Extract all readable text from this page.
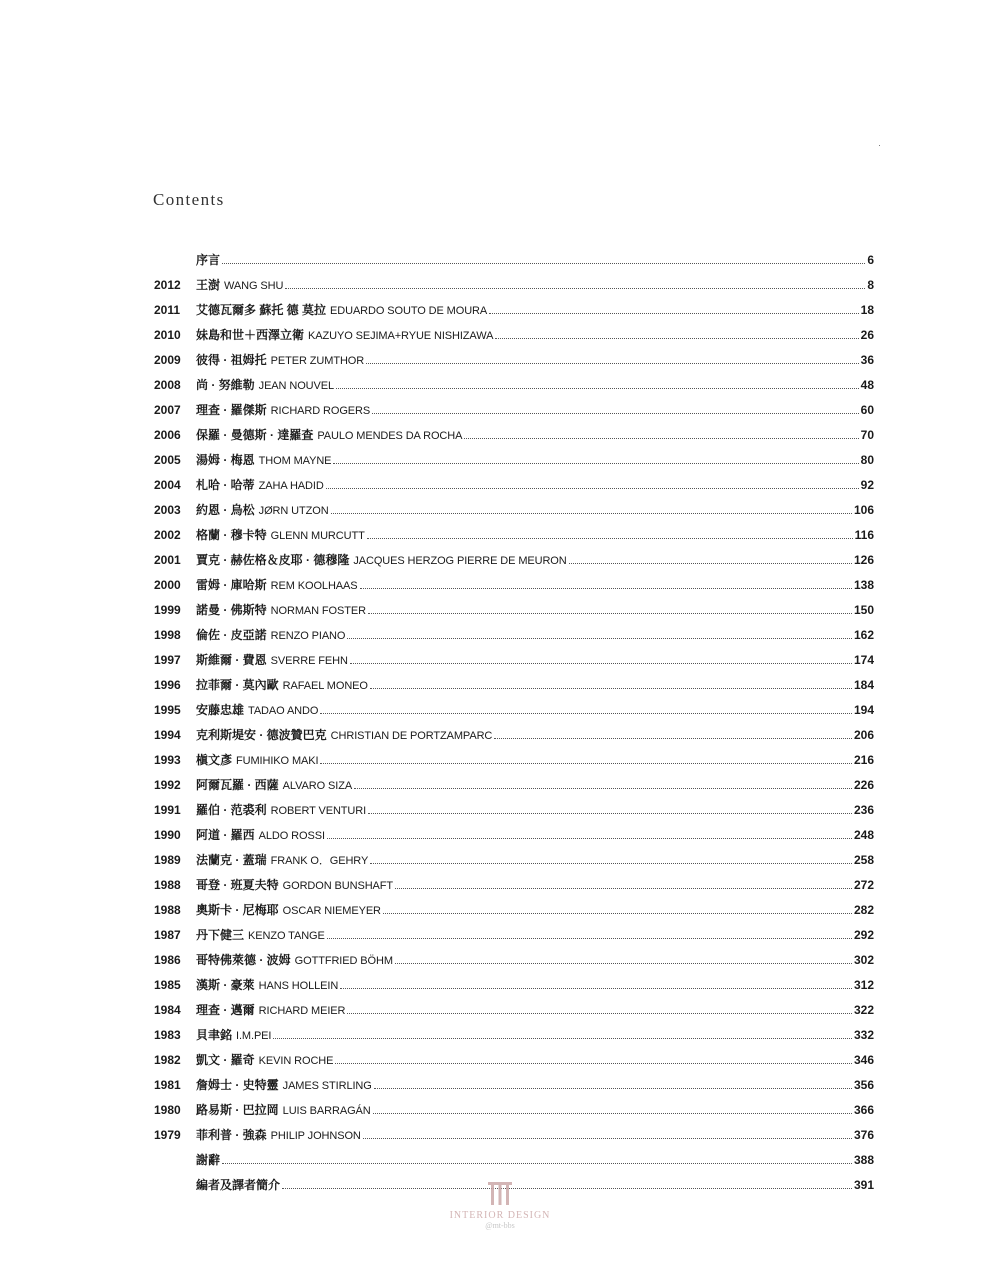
·
Contents
序言	6
2012	王澍 WANG SHU	8
2011	艾德瓦爾多 蘇托 德 莫拉 EDUARDO SOUTO DE MOURA	18
2010	妹島和世＋西澤立衛 KAZUYO SEJIMA+RYUE NISHIZAWA	26
2009	彼得 · 祖姆托 PETER ZUMTHOR	36
2008	尚 · 努維勒 JEAN NOUVEL	48
2007	理查 · 羅傑斯 RICHARD ROGERS	60
2006	保羅 · 曼德斯 · 達羅查 PAULO MENDES DA ROCHA	70
2005	湯姆 · 梅恩 THOM MAYNE	80
2004	札哈 · 哈蒂 ZAHA HADID	92
2003	約恩 · 烏松 JØRN UTZON	106
2002	格蘭 · 穆卡特 GLENN MURCUTT	116
2001	賈克 · 赫佐格＆皮耶 · 德穆隆 JACQUES HERZOG PIERRE DE MEURON	126
2000	雷姆 · 庫哈斯 REM KOOLHAAS	138
1999	諾曼 · 佛斯特 NORMAN FOSTER	150
1998	倫佐 · 皮亞諾 RENZO PIANO	162
1997	斯維爾 · 費恩 SVERRE FEHN	174
1996	拉菲爾 · 莫內歐 RAFAEL MONEO	184
1995	安藤忠雄 TADAO ANDO	194
1994	克利斯堤安 · 德波贊巴克 CHRISTIAN DE PORTZAMPARC	206
1993	槇文彥 FUMIHIKO MAKI	216
1992	阿爾瓦羅 · 西薩 ALVARO SIZA	226
1991	羅伯 · 范裘利 ROBERT VENTURI	236
1990	阿道 · 羅西 ALDO ROSSI	248
1989	法蘭克 · 蓋瑞 FRANK O．GEHRY	258
1988	哥登 · 班夏夫特 GORDON BUNSHAFT	272
1988	奧斯卡 · 尼梅耶 OSCAR NIEMEYER	282
1987	丹下健三 KENZO TANGE	292
1986	哥特佛萊德 · 波姆 GOTTFRIED BÖHM	302
1985	漢斯 · 豪萊 HANS HOLLEIN	312
1984	理查 · 邁爾 RICHARD MEIER	322
1983	貝聿銘 I.M.PEI	332
1982	凱文 · 羅奇 KEVIN ROCHE	346
1981	詹姆士 · 史特靈 JAMES STIRLING	356
1980	路易斯 · 巴拉岡 LUIS BARRAGÁN	366
1979	菲利普 · 強森 PHILIP JOHNSON	376
謝辭	388
編者及譯者簡介	391
INTERIOR DESIGN
@mt-bbs
